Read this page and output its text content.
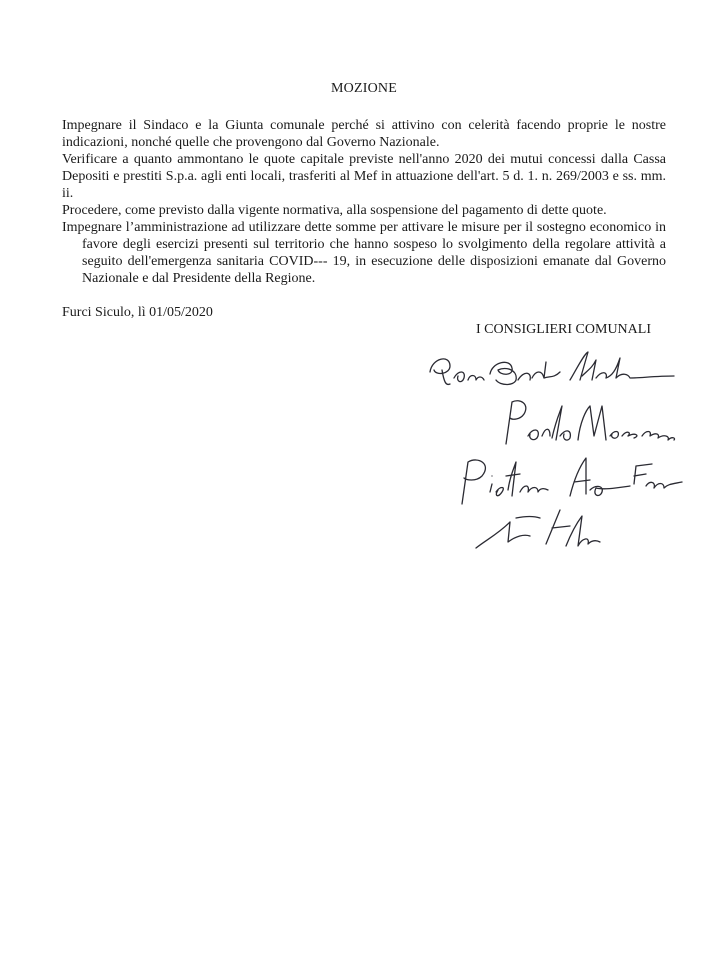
MOZIONE

Impegnare il Sindaco e la Giunta comunale perché si attivino con celerità facendo proprie le nostre indicazioni, nonché quelle che provengono dal Governo Nazionale.

Verificare a quanto ammontano le quote capitale previste nell'anno 2020 dei mutui concessi dalla Cassa Depositi e prestiti S.p.a. agli enti locali, trasferiti al Mef in attuazione dell'art. 5 d. 1. n. 269/2003 e ss. mm. ii.

Procedere, come previsto dalla vigente normativa, alla sospensione del pagamento di dette quote.

Impegnare l’amministrazione ad utilizzare dette somme per attivare le misure per il sostegno economico in favore degli esercizi presenti sul territorio che hanno sospeso lo svolgimento della regolare attività a seguito dell'emergenza sanitaria COVID--- 19, in esecuzione delle disposizioni emanate dal Governo Nazionale e dal Presidente della Regione.

Furci Siculo, lì 01/05/2020
I CONSIGLIERI COMUNALI
